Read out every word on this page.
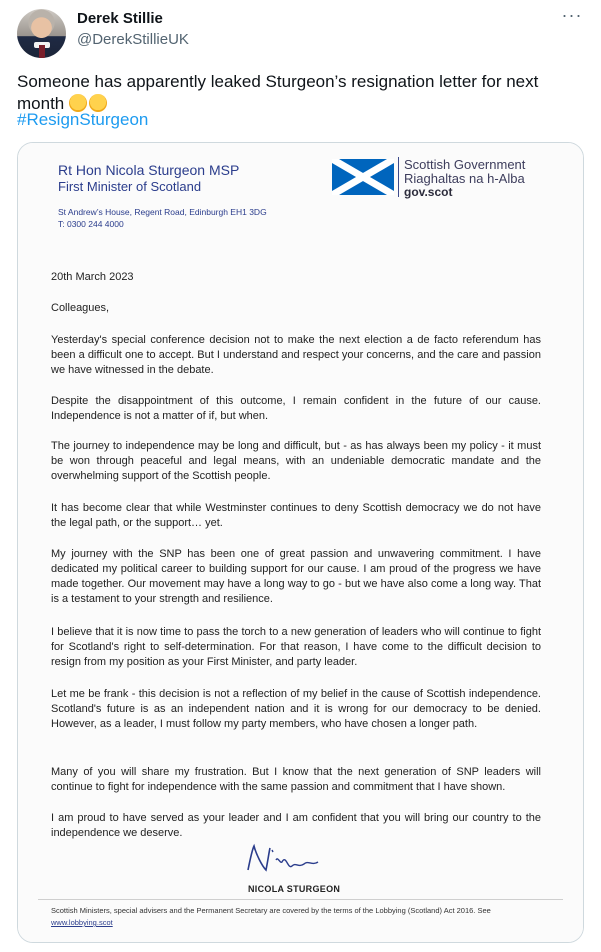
Derek Stillie
@DerekStillieUK
···
Someone has apparently leaked Sturgeon’s resignation letter for next month
#ResignSturgeon
Rt Hon Nicola Sturgeon MSP
First Minister of Scotland
St Andrew’s House, Regent Road, Edinburgh EH1 3DG
T: 0300 244 4000
Scottish Government
Riaghaltas na h-Alba
gov.scot
20th March 2023
Colleagues,
Yesterday's special conference decision not to make the next election a de facto referendum has been a difficult one to accept. But I understand and respect your concerns, and the care and passion we have witnessed in the debate.
Despite the disappointment of this outcome, I remain confident in the future of our cause. Independence is not a matter of if, but when.
The journey to independence may be long and difficult, but - as has always been my policy - it must be won through peaceful and legal means, with an undeniable democratic mandate and the overwhelming support of the Scottish people.
It has become clear that while Westminster continues to deny Scottish democracy we do not have the legal path, or the support… yet.
My journey with the SNP has been one of great passion and unwavering commitment. I have dedicated my political career to building support for our cause. I am proud of the progress we have made together. Our movement may have a long way to go - but we have also come a long way. That is a testament to your strength and resilience.
I believe that it is now time to pass the torch to a new generation of leaders who will continue to fight for Scotland's right to self-determination. For that reason, I have come to the difficult decision to resign from my position as your First Minister, and party leader.
Let me be frank - this decision is not a reflection of my belief in the cause of Scottish independence. Scotland's future is as an independent nation and it is wrong for our democracy to be denied. However, as a leader, I must follow my party members, who have chosen a longer path.
Many of you will share my frustration. But I know that the next generation of SNP leaders will continue to fight for independence with the same passion and commitment that I have shown.
I am proud to have served as your leader and I am confident that you will bring our country to the independence we deserve.
NICOLA STURGEON
Scottish Ministers, special advisers and the Permanent Secretary are covered by the terms of the Lobbying (Scotland) Act 2016. See www.lobbying.scot
